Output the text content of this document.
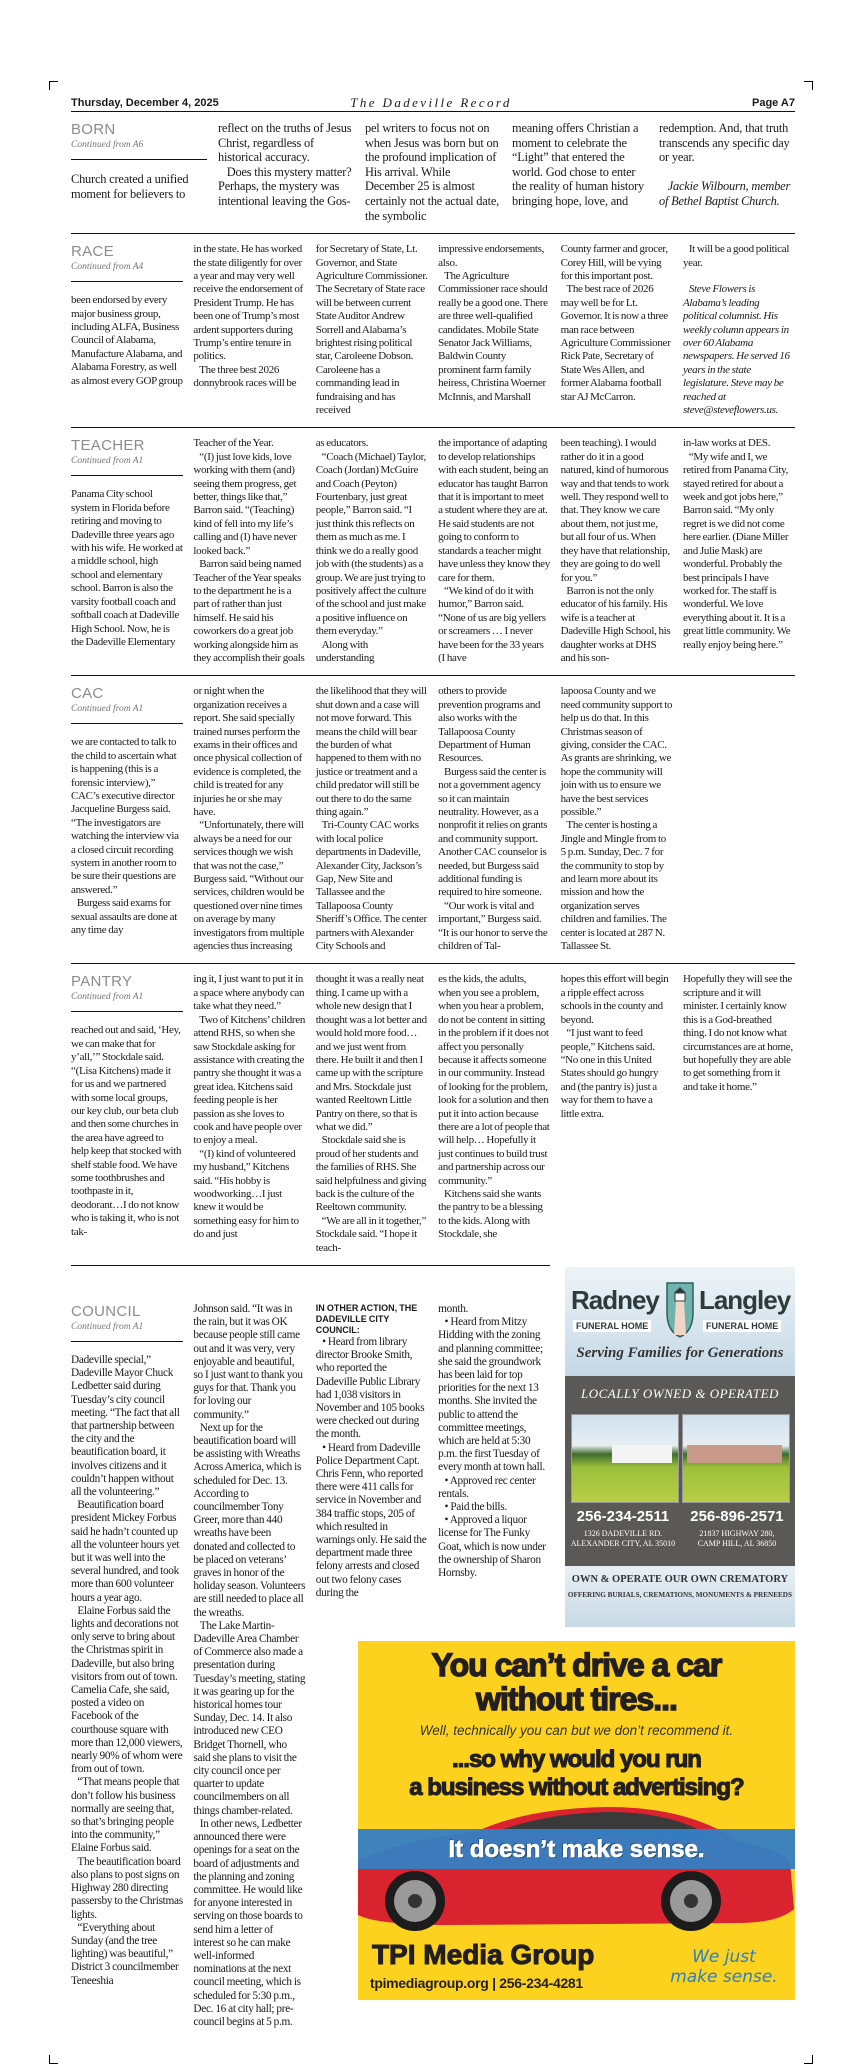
Thursday, December 4, 2025	The Dadeville Record	Page A7
BORN
Continued from A6
Church created a unified moment for believers to
reflect on the truths of Jesus Christ, regardless of historical accuracy.
Does this mystery matter? Perhaps, the mystery was intentional leaving the Gos-
pel writers to focus not on when Jesus was born but on the profound implication of His arrival. While December 25 is almost certainly not the actual date, the symbolic
meaning offers Christian a moment to celebrate the “Light” that entered the world. God chose to enter the reality of human history bringing hope, love, and
redemption. And, that truth transcends any specific day or year.

Jackie Wilbourn, member of Bethel Baptist Church.
RACE
Continued from A4
been endorsed by every major business group, including ALFA, Business Council of Alabama, Manufacture Alabama, and Alabama Forestry, as well as almost every GOP group
in the state. He has worked the state diligently for over a year and may very well receive the endorsement of President Trump. He has been one of Trump’s most ardent supporters during Trump’s entire tenure in politics.
The three best 2026 donnybrook races will be
for Secretary of State, Lt. Governor, and State Agriculture Commissioner. The Secretary of State race will be between current State Auditor Andrew Sorrell and Alabama’s brightest rising political star, Caroleene Dobson. Caroleene has a commanding lead in fundraising and has received
impressive endorsements, also.
The Agriculture Commissioner race should really be a good one. There are three well-qualified candidates. Mobile State Senator Jack Williams, Baldwin County prominent farm family heiress, Christina Woerner McInnis, and Marshall
County farmer and grocer, Corey Hill, will be vying for this important post.
The best race of 2026 may well be for Lt. Governor. It is now a three man race between Agriculture Commissioner Rick Pate, Secretary of State Wes Allen, and former Alabama football star AJ McCarron.
It will be a good political year.

Steve Flowers is Alabama’s leading political columnist. His weekly column appears in over 60 Alabama newspapers. He served 16 years in the state legislature. Steve may be reached at steve@steveflowers.us.
TEACHER
Continued from A1
Panama City school system in Florida before retiring and moving to Dadeville three years ago with his wife. He worked at a middle school, high school and elementary school. Barron is also the varsity football coach and softball coach at Dadeville High School. Now, he is the Dadeville Elementary
Teacher of the Year.
“(I) just love kids, love working with them (and) seeing them progress, get better, things like that,” Barron said. “(Teaching) kind of fell into my life’s calling and (I) have never looked back.”
Barron said being named Teacher of the Year speaks to the department he is a part of rather than just himself. He said his coworkers do a great job working alongside him as they accomplish their goals
as educators.
“Coach (Michael) Taylor, Coach (Jordan) McGuire and Coach (Peyton) Fourtenbary, just great people,” Barron said. “I just think this reflects on them as much as me. I think we do a really good job with (the students) as a group. We are just trying to positively affect the culture of the school and just make a positive influence on them everyday.”
Along with understanding
the importance of adapting to develop relationships with each student, being an educator has taught Barron that it is important to meet a student where they are at. He said students are not going to conform to standards a teacher might have unless they know they care for them.
“We kind of do it with humor,” Barron said. “None of us are big yellers or screamers … I never have been for the 33 years (I have
been teaching). I would rather do it in a good natured, kind of humorous way and that tends to work well. They respond well to that. They know we care about them, not just me, but all four of us. When they have that relationship, they are going to do well for you.”
Barron is not the only educator of his family. His wife is a teacher at Dadeville High School, his daughter works at DHS and his son-
in-law works at DES.
“My wife and I, we retired from Panama City, stayed retired for about a week and got jobs here,” Barron said. “My only regret is we did not come here earlier. (Diane Miller and Julie Mask) are wonderful. Probably the best principals I have worked for. The staff is wonderful. We love everything about it. It is a great little community. We really enjoy being here.”
CAC
Continued from A1
we are contacted to talk to the child to ascertain what is happening (this is a forensic interview),” CAC’s executive director Jacqueline Burgess said. “The investigators are watching the interview via a closed circuit recording system in another room to be sure their questions are answered.”
Burgess said exams for sexual assaults are done at any time day
or night when the organization receives a report. She said specially trained nurses perform the exams in their offices and once physical collection of evidence is completed, the child is treated for any injuries he or she may have.
“Unfortunately, there will always be a need for our services though we wish that was not the case,” Burgess said. “Without our services, children would be questioned over nine times on average by many investigators from multiple agencies thus increasing
the likelihood that they will shut down and a case will not move forward. This means the child will bear the burden of what happened to them with no justice or treatment and a child predator will still be out there to do the same thing again.”
Tri-County CAC works with local police departments in Dadeville, Alexander City, Jackson’s Gap, New Site and Tallassee and the Tallapoosa County Sheriff’s Office. The center partners with Alexander City Schools and
others to provide prevention programs and also works with the Tallapoosa County Department of Human Resources.
Burgess said the center is not a government agency so it can maintain neutrality. However, as a nonprofit it relies on grants and community support. Another CAC counselor is needed, but Burgess said additional funding is required to hire someone.
“Our work is vital and important,” Burgess said. “It is our honor to serve the children of Tal-
lapoosa County and we need community support to help us do that. In this Christmas season of giving, consider the CAC. As grants are shrinking, we hope the community will join with us to ensure we have the best services possible.”
The center is hosting a Jingle and Mingle from to 5 p.m. Sunday, Dec. 7 for the community to stop by and learn more about its mission and how the organization serves children and families. The center is located at 287 N. Tallassee St.
PANTRY
Continued from A1
reached out and said, ‘Hey, we can make that for y’all,’” Stockdale said. “(Lisa Kitchens) made it for us and we partnered with some local groups, our key club, our beta club and then some churches in the area have agreed to help keep that stocked with shelf stable food. We have some toothbrushes and toothpaste in it, deodorant…I do not know who is taking it, who is not tak-
ing it, I just want to put it in a space where anybody can take what they need.”
Two of Kitchens’ children attend RHS, so when she saw Stockdale asking for assistance with creating the pantry she thought it was a great idea. Kitchens said feeding people is her passion as she loves to cook and have people over to enjoy a meal.
“(I) kind of volunteered my husband,” Kitchens said. “His hobby is woodworking…I just knew it would be something easy for him to do and just
thought it was a really neat thing. I came up with a whole new design that I thought was a lot better and would hold more food… and we just went from there. He built it and then I came up with the scripture and Mrs. Stockdale just wanted Reeltown Little Pantry on there, so that is what we did.”
Stockdale said she is proud of her students and the families of RHS. She said helpfulness and giving back is the culture of the Reeltown community.
“We are all in it together,” Stockdale said. “I hope it teach-
es the kids, the adults, when you see a problem, when you hear a problem, do not be content in sitting in the problem if it does not affect you personally because it affects someone in our community. Instead of looking for the problem, look for a solution and then put it into action because there are a lot of people that will help… Hopefully it just continues to build trust and partnership across our community.”
Kitchens said she wants the pantry to be a blessing to the kids. Along with Stockdale, she
hopes this effort will begin a ripple effect across schools in the county and beyond.
“I just want to feed people,” Kitchens said. “No one in this United States should go hungry and (the pantry is) just a way for them to have a little extra.
Hopefully they will see the scripture and it will minister. I certainly know this is a God-breathed thing. I do not know what circumstances are at home, but hopefully they are able to get something from it and take it home.”
Radney
FUNERAL HOME
Langley
FUNERAL HOME
Serving Families for Generations
LOCALLY OWNED & OPERATED
256-234-2511
1326 DADEVILLE RD.
ALEXANDER CITY, AL 35010
256-896-2571
21837 HIGHWAY 280,
CAMP HILL, AL 36850
OWN & OPERATE OUR OWN CREMATORY
OFFERING BURIALS, CREMATIONS, MONUMENTS & PRENEEDS
COUNCIL
Continued from A1
Dadeville special,” Dadeville Mayor Chuck Ledbetter said during Tuesday’s city council meeting. “The fact that all that partnership between the city and the beautification board, it involves citizens and it couldn’t happen without all the volunteering.”
Beautification board president Mickey Forbus said he hadn’t counted up all the volunteer hours yet but it was well into the several hundred, and took more than 600 volunteer hours a year ago.
Elaine Forbus said the lights and decorations not only serve to bring about the Christmas spirit in Dadeville, but also bring visitors from out of town. Camelia Cafe, she said, posted a video on Facebook of the courthouse square with more than 12,000 viewers, nearly 90% of whom were from out of town.
“That means people that don’t follow his business normally are seeing that, so that’s bringing people into the community,” Elaine Forbus said.
The beautification board also plans to post signs on Highway 280 directing passersby to the Christmas lights.
“Everything about Sunday (and the tree lighting) was beautiful,” District 3 councilmember Teneeshia
Johnson said. “It was in the rain, but it was OK because people still came out and it was very, very enjoyable and beautiful, so I just want to thank you guys for that. Thank you for loving our community.”
Next up for the beautification board will be assisting with Wreaths Across America, which is scheduled for Dec. 13. According to councilmember Tony Greer, more than 440 wreaths have been donated and collected to be placed on veterans’ graves in honor of the holiday season. Volunteers are still needed to place all the wreaths.
The Lake Martin-Dadeville Area Chamber of Commerce also made a presentation during Tuesday’s meeting, stating it was gearing up for the historical homes tour Sunday, Dec. 14. It also introduced new CEO Bridget Thornell, who said she plans to visit the city council once per quarter to update councilmembers on all things chamber-related.
In other news, Ledbetter announced there were openings for a seat on the board of adjustments and the planning and zoning committee. He would like for anyone interested in serving on those boards to send him a letter of interest so he can make well-informed nominations at the next council meeting, which is scheduled for 5:30 p.m., Dec. 16 at city hall; pre-council begins at 5 p.m.
IN OTHER ACTION, THE DADEVILLE CITY COUNCIL:
• Heard from library director Brooke Smith, who reported the Dadeville Public Library had 1,038 visitors in November and 105 books were checked out during the month.
• Heard from Dadeville Police Department Capt. Chris Fenn, who reported there were 411 calls for service in November and 384 traffic stops, 205 of which resulted in warnings only. He said the department made three felony arrests and closed out two felony cases during the
month.
• Heard from Mitzy Hidding with the zoning and planning committee; she said the groundwork has been laid for top priorities for the next 13 months. She invited the public to attend the committee meetings, which are held at 5:30 p.m. the first Tuesday of every month at town hall.
• Approved rec center rentals.
• Paid the bills.
• Approved a liquor license for The Funky Goat, which is now under the ownership of Sharon Hornsby.
You can’t drive a car
without tires...
Well, technically you can but we don’t recommend it.
...so why would you run
a business without advertising?
It doesn’t make sense.
TPI Media Group
tpimediagroup.org | 256-234-4281
We just
make sense.
